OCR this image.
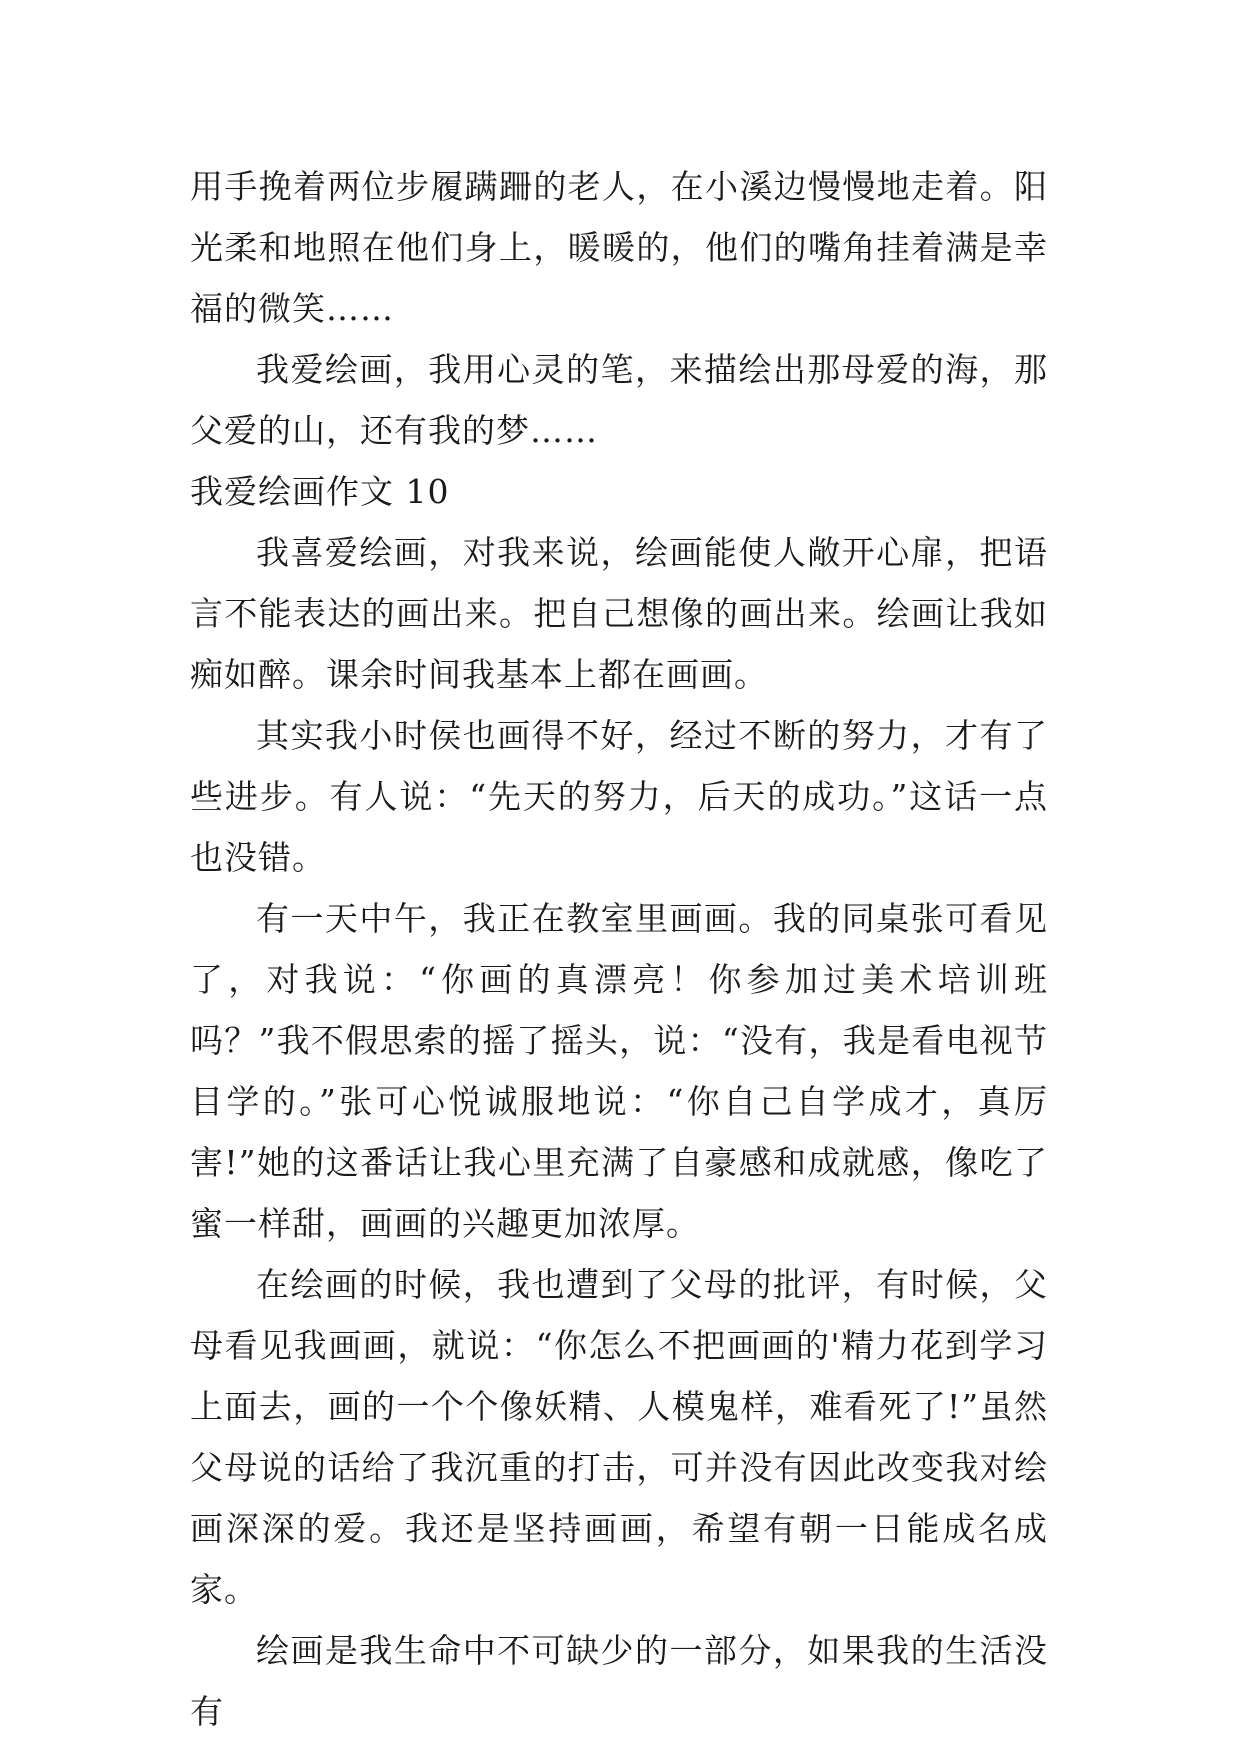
用手挽着两位步履蹒跚的老人，在小溪边慢慢地走着。阳光柔和地照在他们身上，暖暖的，他们的嘴角挂着满是幸福的微笑……

我爱绘画，我用心灵的笔，来描绘出那母爱的海，那父爱的山，还有我的梦……

我爱绘画作文 10

我喜爱绘画，对我来说，绘画能使人敞开心扉，把语言不能表达的画出来。把自己想像的画出来。绘画让我如痴如醉。课余时间我基本上都在画画。

其实我小时侯也画得不好，经过不断的努力，才有了些进步。有人说：“先天的努力，后天的成功。”这话一点也没错。

有一天中午，我正在教室里画画。我的同桌张可看见了，对我说：“你画的真漂亮！你参加过美术培训班吗？”我不假思索的摇了摇头，说：“没有，我是看电视节目学的。”张可心悦诚服地说：“你自己自学成才，真厉害!”她的这番话让我心里充满了自豪感和成就感，像吃了蜜一样甜，画画的兴趣更加浓厚。

在绘画的时候，我也遭到了父母的批评，有时候，父母看见我画画，就说：“你怎么不把画画的'精力花到学习上面去，画的一个个像妖精、人模鬼样，难看死了!”虽然父母说的话给了我沉重的打击，可并没有因此改变我对绘画深深的爱。我还是坚持画画，希望有朝一日能成名成家。

绘画是我生命中不可缺少的一部分，如果我的生活没有
